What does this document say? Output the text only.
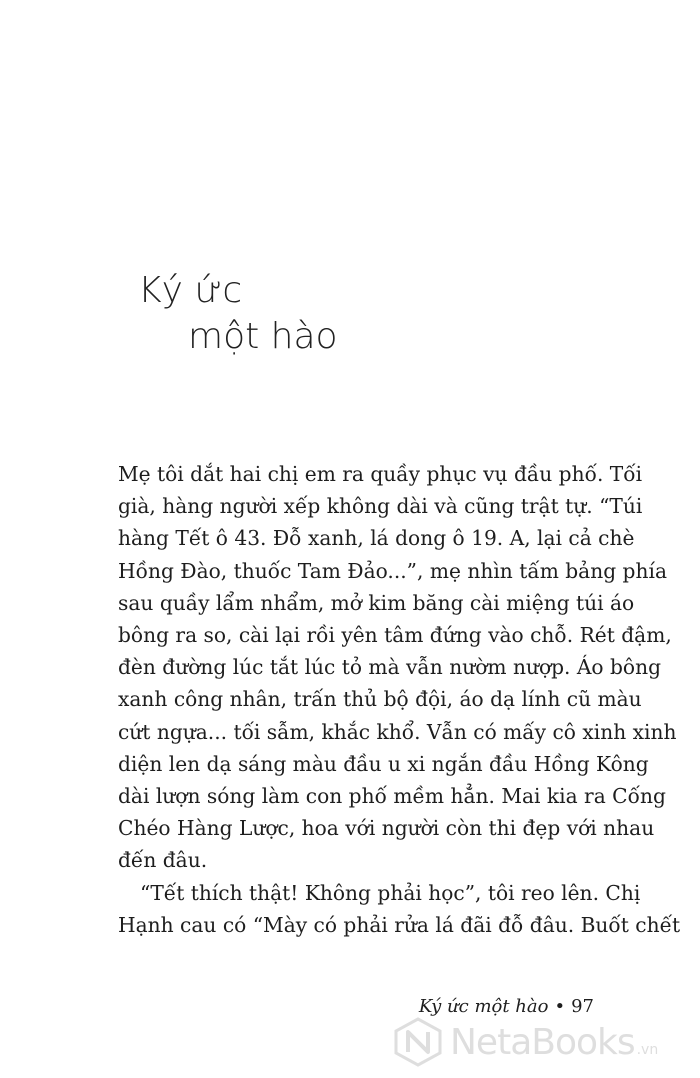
Ký ức
một hào
Mẹ tôi dắt hai chị em ra quầy phục vụ đầu phố. Tối
già, hàng người xếp không dài và cũng trật tự. “Túi
hàng Tết ô 43. Đỗ xanh, lá dong ô 19. A, lại cả chè
Hồng Đào, thuốc Tam Đảo...”, mẹ nhìn tấm bảng phía
sau quầy lẩm nhẩm, mở kim băng cài miệng túi áo
bông ra so, cài lại rồi yên tâm đứng vào chỗ. Rét đậm,
đèn đường lúc tắt lúc tỏ mà vẫn nườm nượp. Áo bông
xanh công nhân, trấn thủ bộ đội, áo dạ lính cũ màu
cứt ngựa... tối sẫm, khắc khổ. Vẫn có mấy cô xinh xinh
diện len dạ sáng màu đầu u xi ngắn đầu Hồng Kông
dài lượn sóng làm con phố mềm hẳn. Mai kia ra Cống
Chéo Hàng Lược, hoa với người còn thi đẹp với nhau
đến đâu.
“Tết thích thật! Không phải học”, tôi reo lên. Chị
Hạnh cau có “Mày có phải rửa lá đãi đỗ đâu. Buốt chết
Ký ức một hào • 97
NetaBooks .vn
